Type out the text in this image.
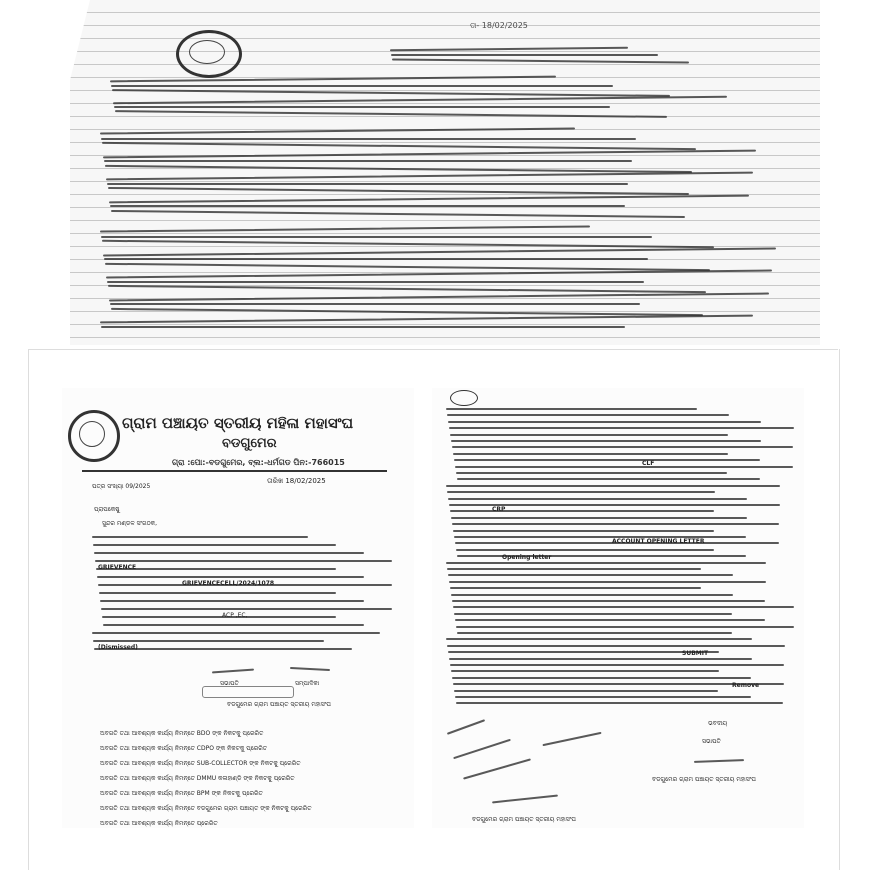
ତା- 18/02/2025
ଗ୍ରାମ ପଞ୍ଚାୟତ ସ୍ତରୀୟ ମହିଳା ମହାସଂଘ
ବଡଗୁମେର
ଗ୍ରା :ପୋ:-ବଡଗୁମେର, ବ୍ଲ:-ଧର୍ମଗଡ ପିନ:-766015
ପତ୍ର ସଂଖ୍ୟା 09/2025
ତାରିଖ 18/02/2025
ପ୍ରାପକେଷୁ
ସୁନ୍ଦର ମଣ୍ଡଳ ସଂଗଠକ,
GRIEVENCE
GRIEVENCECELL/2024/1078
ACP ,EC,
(Dismissed)
ସଭାପତି	ସମ୍ପାଦିକା
ବଡଗୁମେର ଗ୍ରାମ ପଞ୍ଚାୟତ ସ୍ତରୀୟ ମହାସଂଘ
ଅବଗତି ତଥା ଆବଶ୍ୟକ କାର୍ଯ୍ୟ ନିମନ୍ତେ BDO ଙ୍କ ନିକଟକୁ ପ୍ରେରିତ
ଅବଗତି ତଥା ଆବଶ୍ୟକ କାର୍ଯ୍ୟ ନିମନ୍ତେ CDPO ଙ୍କ ନିକଟକୁ ପ୍ରେରିତ
ଅବଗତି ତଥା ଆବଶ୍ୟକ କାର୍ଯ୍ୟ ନିମନ୍ତେ SUB-COLLECTOR ଙ୍କ ନିକଟକୁ ପ୍ରେରିତ
ଅବଗତି ତଥା ଆବଶ୍ୟକ କାର୍ଯ୍ୟ ନିମନ୍ତେ DMMU କଳାହାଣ୍ଡି ଙ୍କ ନିକଟକୁ ପ୍ରେରିତ
ଅବଗତି ତଥା ଆବଶ୍ୟକ କାର୍ଯ୍ୟ ନିମନ୍ତେ BPM ଙ୍କ ନିକଟକୁ ପ୍ରେରିତ
ଅବଗତି ତଥା ଆବଶ୍ୟକ କାର୍ଯ୍ୟ ନିମନ୍ତେ ବଡଗୁମେର ଗ୍ରାମ ପଞ୍ଚାୟତ ଙ୍କ ନିକଟକୁ ପ୍ରେରିତ
ଅବଗତି ତଥା ଆବଶ୍ୟକ କାର୍ଯ୍ୟ ନିମନ୍ତେ ପ୍ରେରିତ
CLF
CRP
ACCOUNT OPENING LETTER
Opening letter
SUBMIT
Remove
ଭବଦୀୟ
ସଭାପତି
ବଡଗୁମେର ଗ୍ରାମ ପଞ୍ଚାୟତ ସ୍ତରୀୟ ମହାସଂଘ
ବଡଗୁମେର ଗ୍ରାମ ପଞ୍ଚାୟତ ସ୍ତରୀୟ ମହାସଂଘ
